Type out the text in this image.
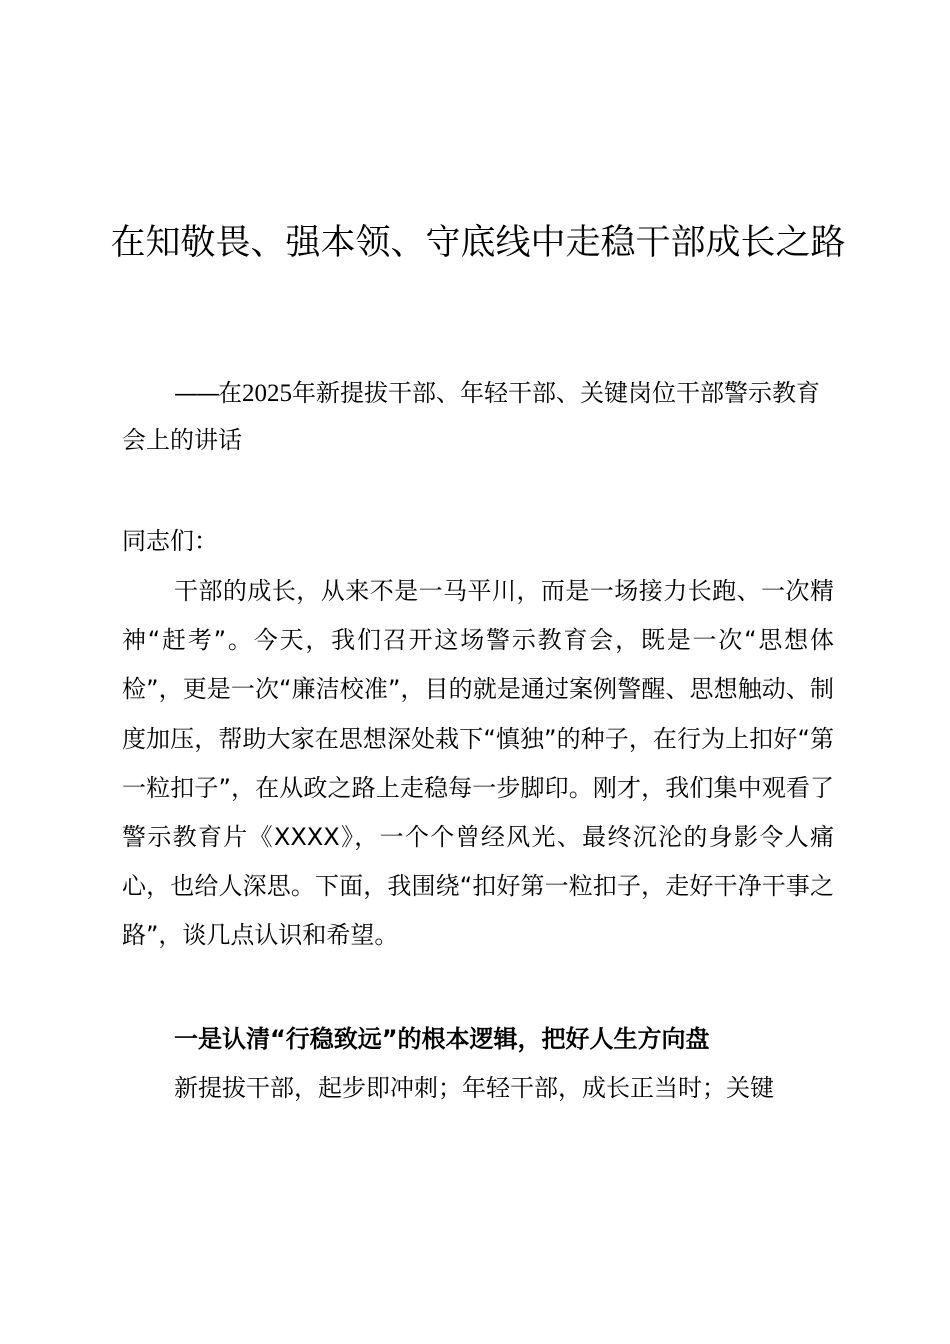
在知敬畏、强本领、守底线中走稳干部成长之路

——在2025年新提拔干部、年轻干部、关键岗位干部警示教育会上的讲话

同志们：

干部的成长，从来不是一马平川，而是一场接力长跑、一次精神“赶考”。今天，我们召开这场警示教育会，既是一次“思想体检”，更是一次“廉洁校准”，目的就是通过案例警醒、思想触动、制度加压，帮助大家在思想深处栽下“慎独”的种子，在行为上扣好“第一粒扣子”，在从政之路上走稳每一步脚印。刚才，我们集中观看了警示教育片《XXXX》，一个个曾经风光、最终沉沦的身影令人痛心，也给人深思。下面，我围绕“扣好第一粒扣子，走好干净干事之路”，谈几点认识和希望。

一是认清“行稳致远”的根本逻辑，把好人生方向盘

新提拔干部，起步即冲刺；年轻干部，成长正当时；关键
